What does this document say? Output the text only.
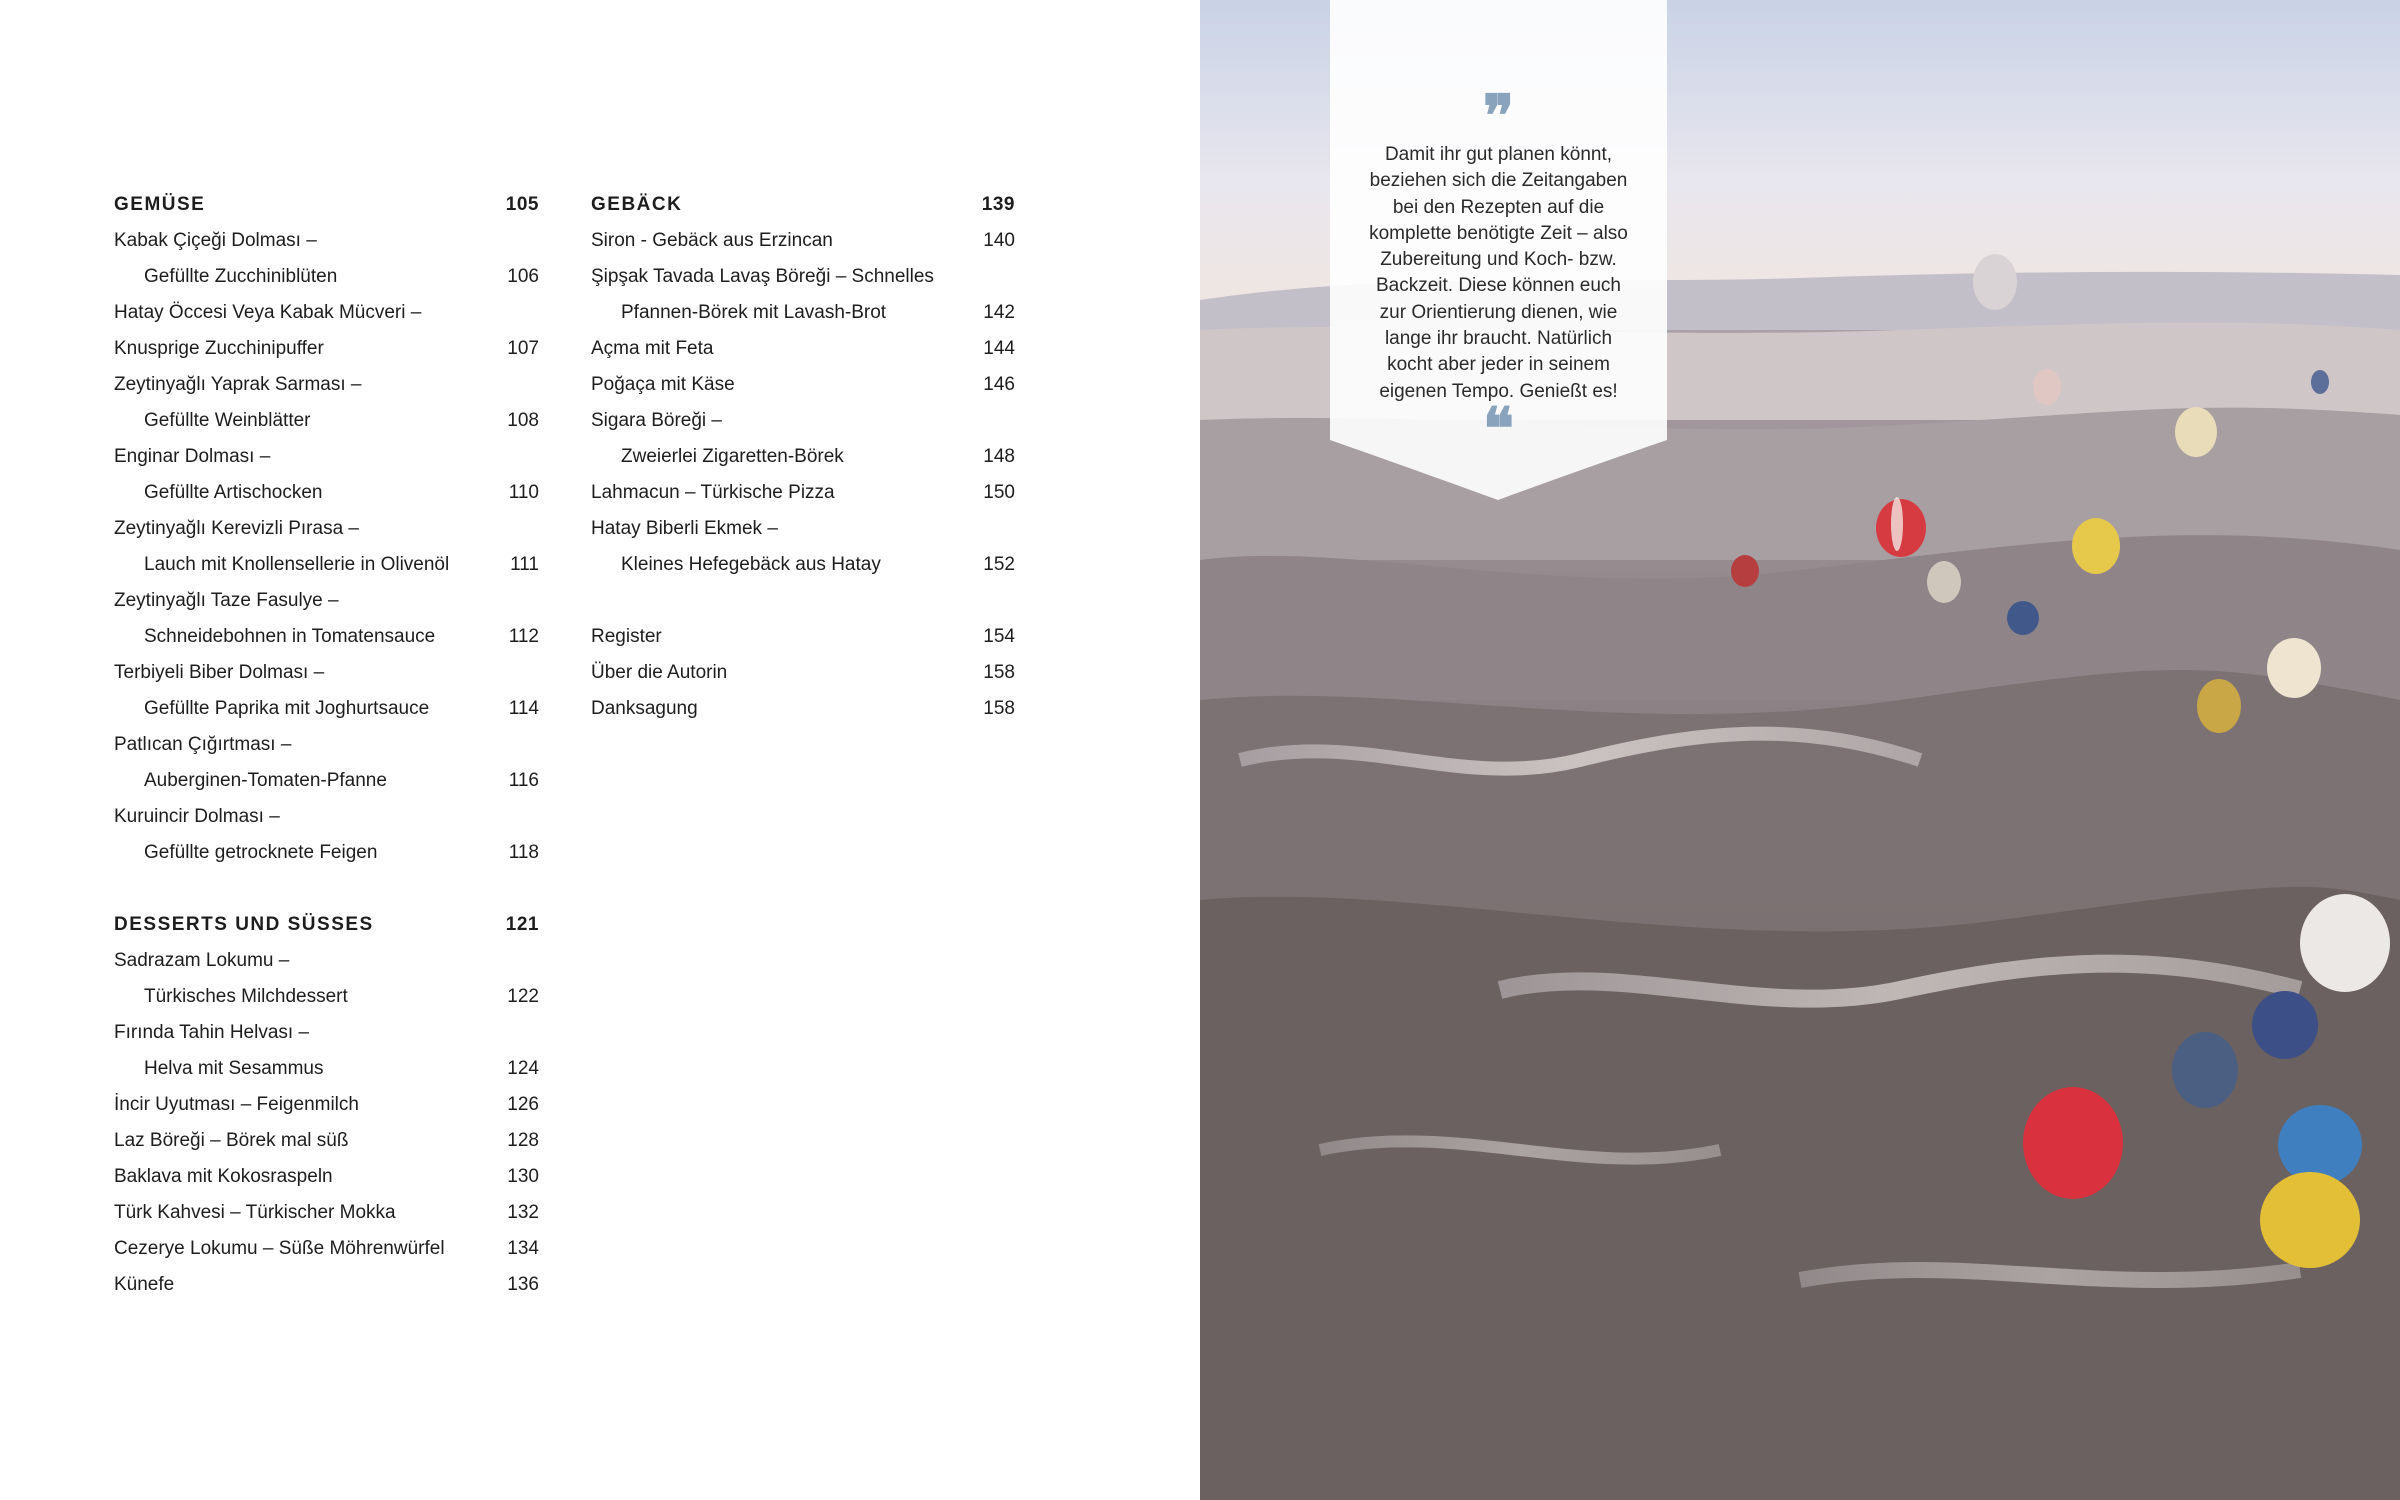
GEMÜSE	105
Kabak Çiçeği Dolması –
Gefüllte Zucchiniblüten	106
Hatay Öccesi Veya Kabak Mücveri –
Knusprige Zucchinipuffer	107
Zeytinyağlı Yaprak Sarması –
Gefüllte Weinblätter	108
Enginar Dolması –
Gefüllte Artischocken	110
Zeytinyağlı Kerevizli Pırasa –
Lauch mit Knollensellerie in Olivenöl	111
Zeytinyağlı Taze Fasulye –
Schneidebohnen in Tomatensauce	112
Terbiyeli Biber Dolması –
Gefüllte Paprika mit Joghurtsauce	114
Patlıcan Çığırtması –
Auberginen-Tomaten-Pfanne	116
Kuruincir Dolması –
Gefüllte getrocknete Feigen	118
DESSERTS UND SÜSSES	121
Sadrazam Lokumu –
Türkisches Milchdessert	122
Fırında Tahin Helvası –
Helva mit Sesammus	124
İncir Uyutması – Feigenmilch	126
Laz Böreği – Börek mal süß	128
Baklava mit Kokosraspeln	130
Türk Kahvesi – Türkischer Mokka	132
Cezerye Lokumu – Süße Möhrenwürfel	134
Künefe	136
GEBÄCK	139
Siron - Gebäck aus Erzincan	140
Şipşak Tavada Lavaş Böreği – Schnelles
Pfannen-Börek mit Lavash-Brot	142
Açma mit Feta	144
Poğaça mit Käse	146
Sigara Böreği –
Zweierlei Zigaretten-Börek	148
Lahmacun – Türkische Pizza	150
Hatay Biberli Ekmek –
Kleines Hefegebäck aus Hatay	152
Register	154
Über die Autorin	158
Danksagung	158
❞
Damit ihr gut planen könnt,
beziehen sich die Zeitangaben
bei den Rezepten auf die
komplette benötigte Zeit – also
Zubereitung und Koch- bzw.
Backzeit. Diese können euch
zur Orientierung dienen, wie
lange ihr braucht. Natürlich
kocht aber jeder in seinem
eigenen Tempo. Genießt es!
❝
